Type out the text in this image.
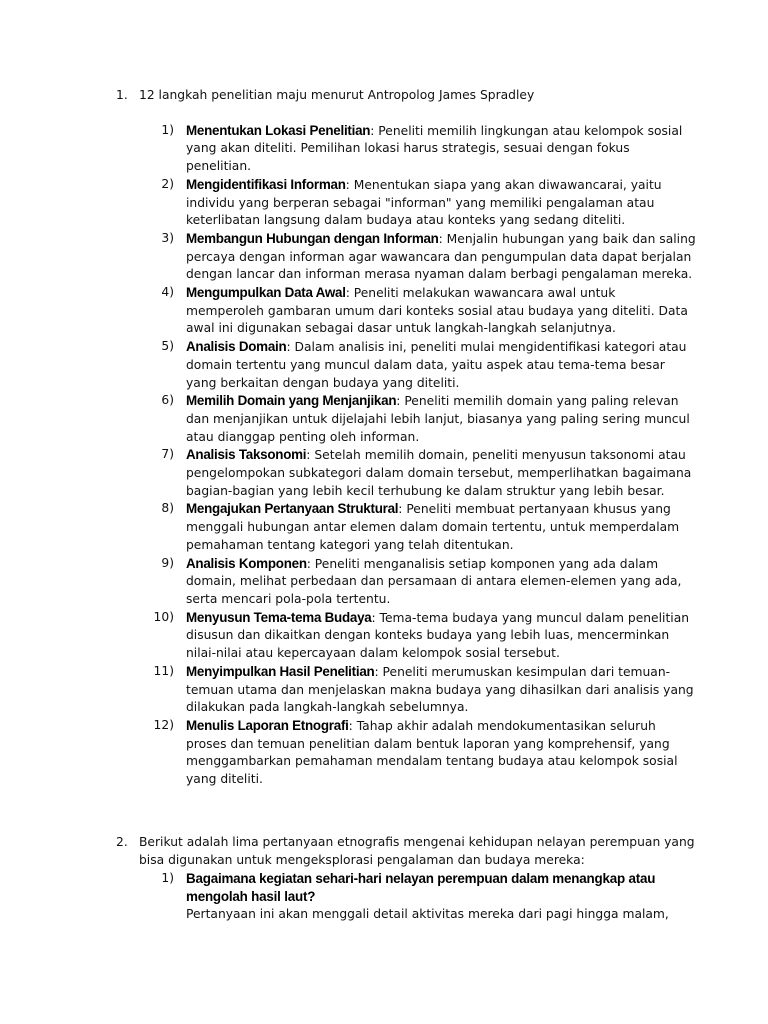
1. 12 langkah penelitian maju menurut Antropolog James Spradley
1) Menentukan Lokasi Penelitian: Peneliti memilih lingkungan atau kelompok sosial yang akan diteliti. Pemilihan lokasi harus strategis, sesuai dengan fokus penelitian.
2) Mengidentifikasi Informan: Menentukan siapa yang akan diwawancarai, yaitu individu yang berperan sebagai "informan" yang memiliki pengalaman atau keterlibatan langsung dalam budaya atau konteks yang sedang diteliti.
3) Membangun Hubungan dengan Informan: Menjalin hubungan yang baik dan saling percaya dengan informan agar wawancara dan pengumpulan data dapat berjalan dengan lancar dan informan merasa nyaman dalam berbagi pengalaman mereka.
4) Mengumpulkan Data Awal: Peneliti melakukan wawancara awal untuk memperoleh gambaran umum dari konteks sosial atau budaya yang diteliti. Data awal ini digunakan sebagai dasar untuk langkah-langkah selanjutnya.
5) Analisis Domain: Dalam analisis ini, peneliti mulai mengidentifikasi kategori atau domain tertentu yang muncul dalam data, yaitu aspek atau tema-tema besar yang berkaitan dengan budaya yang diteliti.
6) Memilih Domain yang Menjanjikan: Peneliti memilih domain yang paling relevan dan menjanjikan untuk dijelajahi lebih lanjut, biasanya yang paling sering muncul atau dianggap penting oleh informan.
7) Analisis Taksonomi: Setelah memilih domain, peneliti menyusun taksonomi atau pengelompokan subkategori dalam domain tersebut, memperlihatkan bagaimana bagian-bagian yang lebih kecil terhubung ke dalam struktur yang lebih besar.
8) Mengajukan Pertanyaan Struktural: Peneliti membuat pertanyaan khusus yang menggali hubungan antar elemen dalam domain tertentu, untuk memperdalam pemahaman tentang kategori yang telah ditentukan.
9) Analisis Komponen: Peneliti menganalisis setiap komponen yang ada dalam domain, melihat perbedaan dan persamaan di antara elemen-elemen yang ada, serta mencari pola-pola tertentu.
10) Menyusun Tema-tema Budaya: Tema-tema budaya yang muncul dalam penelitian disusun dan dikaitkan dengan konteks budaya yang lebih luas, mencerminkan nilai-nilai atau kepercayaan dalam kelompok sosial tersebut.
11) Menyimpulkan Hasil Penelitian: Peneliti merumuskan kesimpulan dari temuan-temuan utama dan menjelaskan makna budaya yang dihasilkan dari analisis yang dilakukan pada langkah-langkah sebelumnya.
12) Menulis Laporan Etnografi: Tahap akhir adalah mendokumentasikan seluruh proses dan temuan penelitian dalam bentuk laporan yang komprehensif, yang menggambarkan pemahaman mendalam tentang budaya atau kelompok sosial yang diteliti.
2. Berikut adalah lima pertanyaan etnografis mengenai kehidupan nelayan perempuan yang bisa digunakan untuk mengeksplorasi pengalaman dan budaya mereka:
1) Bagaimana kegiatan sehari-hari nelayan perempuan dalam menangkap atau mengolah hasil laut?
Pertanyaan ini akan menggali detail aktivitas mereka dari pagi hingga malam,
